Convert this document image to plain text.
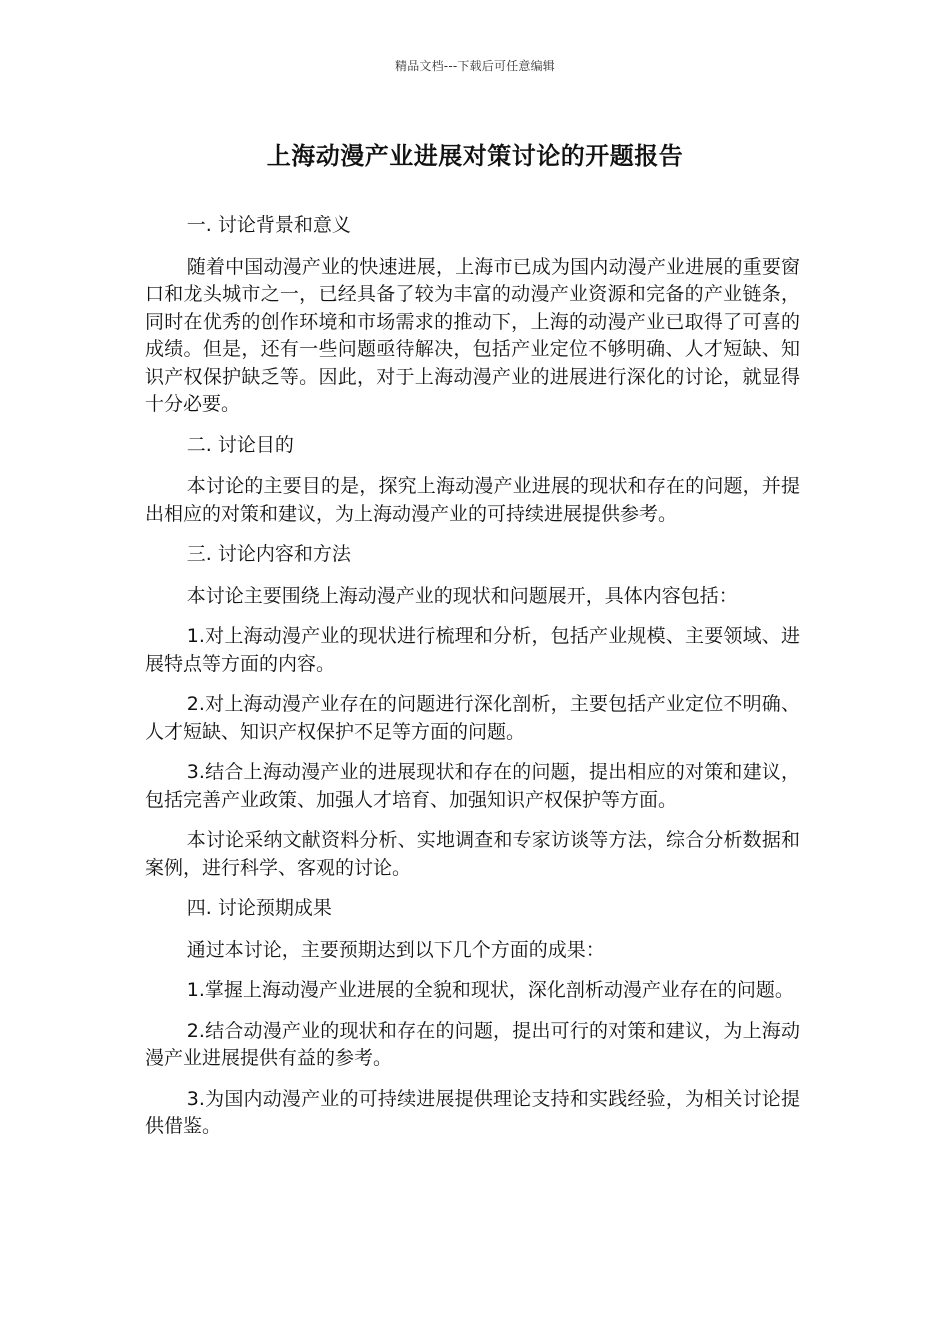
精品文档---下载后可任意编辑
上海动漫产业进展对策讨论的开题报告

一. 讨论背景和意义

随着中国动漫产业的快速进展，上海市已成为国内动漫产业进展的重要窗口和龙头城市之一，已经具备了较为丰富的动漫产业资源和完备的产业链条，同时在优秀的创作环境和市场需求的推动下，上海的动漫产业已取得了可喜的成绩。但是，还有一些问题亟待解决，包括产业定位不够明确、人才短缺、知识产权保护缺乏等。因此，对于上海动漫产业的进展进行深化的讨论，就显得十分必要。

二. 讨论目的

本讨论的主要目的是，探究上海动漫产业进展的现状和存在的问题，并提出相应的对策和建议，为上海动漫产业的可持续进展提供参考。

三. 讨论内容和方法

本讨论主要围绕上海动漫产业的现状和问题展开，具体内容包括：

1.对上海动漫产业的现状进行梳理和分析，包括产业规模、主要领域、进展特点等方面的内容。

2.对上海动漫产业存在的问题进行深化剖析，主要包括产业定位不明确、人才短缺、知识产权保护不足等方面的问题。

3.结合上海动漫产业的进展现状和存在的问题，提出相应的对策和建议，包括完善产业政策、加强人才培育、加强知识产权保护等方面。

本讨论采纳文献资料分析、实地调查和专家访谈等方法，综合分析数据和案例，进行科学、客观的讨论。

四. 讨论预期成果

通过本讨论，主要预期达到以下几个方面的成果：

1.掌握上海动漫产业进展的全貌和现状，深化剖析动漫产业存在的问题。

2.结合动漫产业的现状和存在的问题，提出可行的对策和建议，为上海动漫产业进展提供有益的参考。

3.为国内动漫产业的可持续进展提供理论支持和实践经验，为相关讨论提供借鉴。
